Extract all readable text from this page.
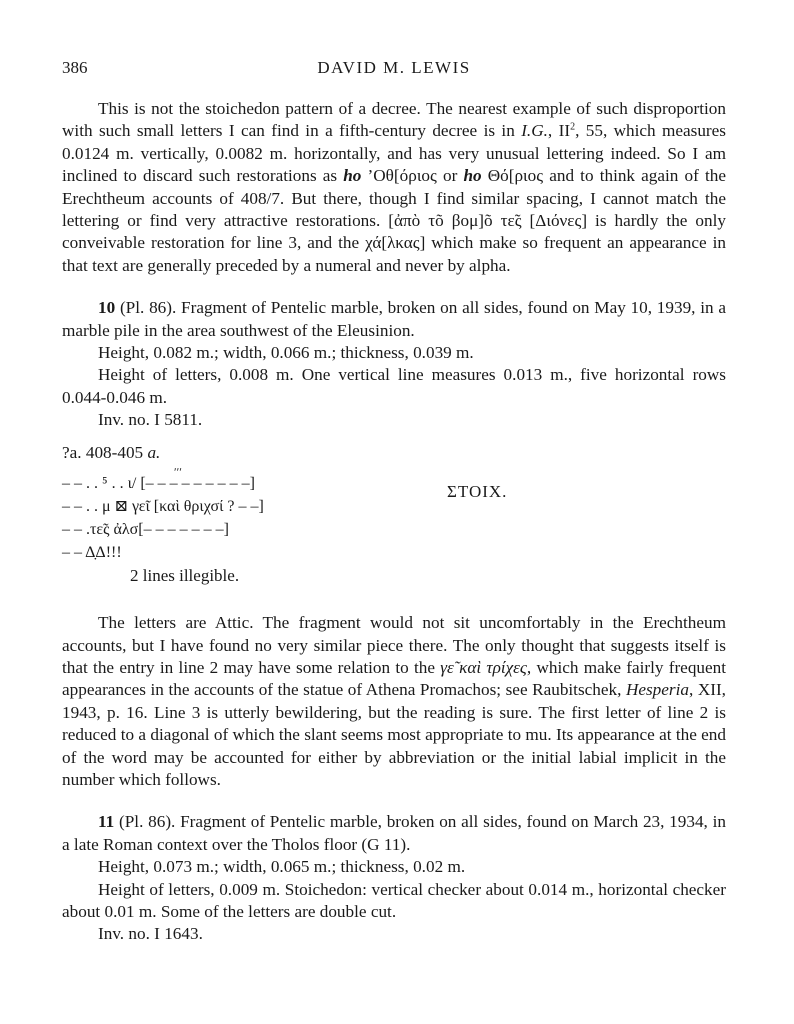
386	DAVID M. LEWIS

This is not the stoichedon pattern of a decree. The nearest example of such disproportion with such small letters I can find in a fifth-century decree is in I.G., $II^2$, 55, which measures 0.0124 m. vertically, 0.0082 m. horizontally, and has very unusual lettering indeed. So I am inclined to discard such restorations as ho ’Οθ[όριος or ho Θό[ριος and to think again of the Erechtheum accounts of 408/7. But there, though I find similar spacing, I cannot match the lettering or find very attractive restorations. [ἀπὸ τõ βομ]õ τε̃ς [Διόνες] is hardly the only conveivable restoration for line 3, and the χά[λκας] which make so frequent an appearance in that text are generally preceded by a numeral and never by alpha.

10 (Pl. 86). Fragment of Pentelic marble, broken on all sides, found on May 10, 1939, in a marble pile in the area southwest of the Eleusinion.

Height, 0.082 m.; width, 0.066 m.; thickness, 0.039 m.

Height of letters, 0.008 m. One vertical line measures 0.013 m., five horizontal rows 0.044-0.046 m.

Inv. no. I 5811.

?a. 408-405 a.

ʹʹʹ
– – . . ⁵ . . ι/ [– – – – – – – – –]
– – . . μ ⊠ γε̃ι [καὶ θριχσί ? – –]
– – .τε̃ς ἀλσ[– – – – – – –]
– – Δ̣Δ!!!
2 lines illegible.
ΣΤΟΙΧ.

The letters are Attic. The fragment would not sit uncomfortably in the Erechtheum accounts, but I have found no very similar piece there. The only thought that suggests itself is that the entry in line 2 may have some relation to the γε̃ καὶ τρίχες, which make fairly frequent appearances in the accounts of the statue of Athena Promachos; see Raubitschek, Hesperia, XII, 1943, p. 16. Line 3 is utterly bewildering, but the reading is sure. The first letter of line 2 is reduced to a diagonal of which the slant seems most appropriate to mu. Its appearance at the end of the word may be accounted for either by abbreviation or the initial labial implicit in the number which follows.

11 (Pl. 86). Fragment of Pentelic marble, broken on all sides, found on March 23, 1934, in a late Roman context over the Tholos floor (G 11).

Height, 0.073 m.; width, 0.065 m.; thickness, 0.02 m.

Height of letters, 0.009 m. Stoichedon: vertical checker about 0.014 m., horizontal checker about 0.01 m. Some of the letters are double cut.

Inv. no. I 1643.
